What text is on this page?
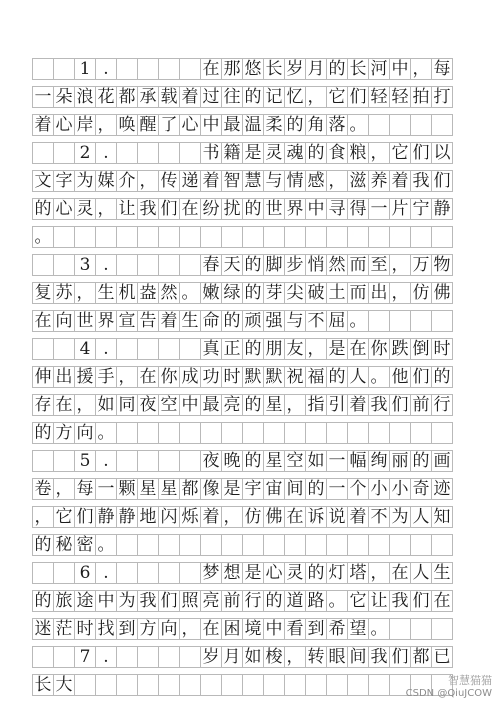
1 .	在 那 悠 长 岁 月 的 长 河 中 ， 每
一 朵 浪 花 都 承 载 着 过 往 的 记 忆 ， 它 们 轻 轻 拍 打
着 心 岸 ， 唤 醒 了 心 中 最 温 柔 的 角 落 。
2 .	书 籍 是 灵 魂 的 食 粮 ， 它 们 以
文 字 为 媒 介 ， 传 递 着 智 慧 与 情 感 ， 滋 养 着 我 们
的 心 灵 ， 让 我 们 在 纷 扰 的 世 界 中 寻 得 一 片 宁 静
。
3 .	春 天 的 脚 步 悄 然 而 至 ， 万 物
复 苏 ， 生 机 盎 然 。 嫩 绿 的 芽 尖 破 土 而 出 ， 仿 佛
在 向 世 界 宣 告 着 生 命 的 顽 强 与 不 屈 。
4 .	真 正 的 朋 友 ， 是 在 你 跌 倒 时
伸 出 援 手 ， 在 你 成 功 时 默 默 祝 福 的 人 。 他 们 的
存 在 ， 如 同 夜 空 中 最 亮 的 星 ， 指 引 着 我 们 前 行
的 方 向 。
5 .	夜 晚 的 星 空 如 一 幅 绚 丽 的 画
卷 ， 每 一 颗 星 星 都 像 是 宇 宙 间 的 一 个 小 小 奇 迹
， 它 们 静 静 地 闪 烁 着 ， 仿 佛 在 诉 说 着 不 为 人 知
的 秘 密 。
6 .	梦 想 是 心 灵 的 灯 塔 ， 在 人 生
的 旅 途 中 为 我 们 照 亮 前 行 的 道 路 。 它 让 我 们 在
迷 茫 时 找 到 方 向 ， 在 困 境 中 看 到 希 望 。
7 .	岁 月 如 梭 ， 转 眼 间 我 们 都 已
长 大	智慧猫猫
CSDN @QiuJCOW
